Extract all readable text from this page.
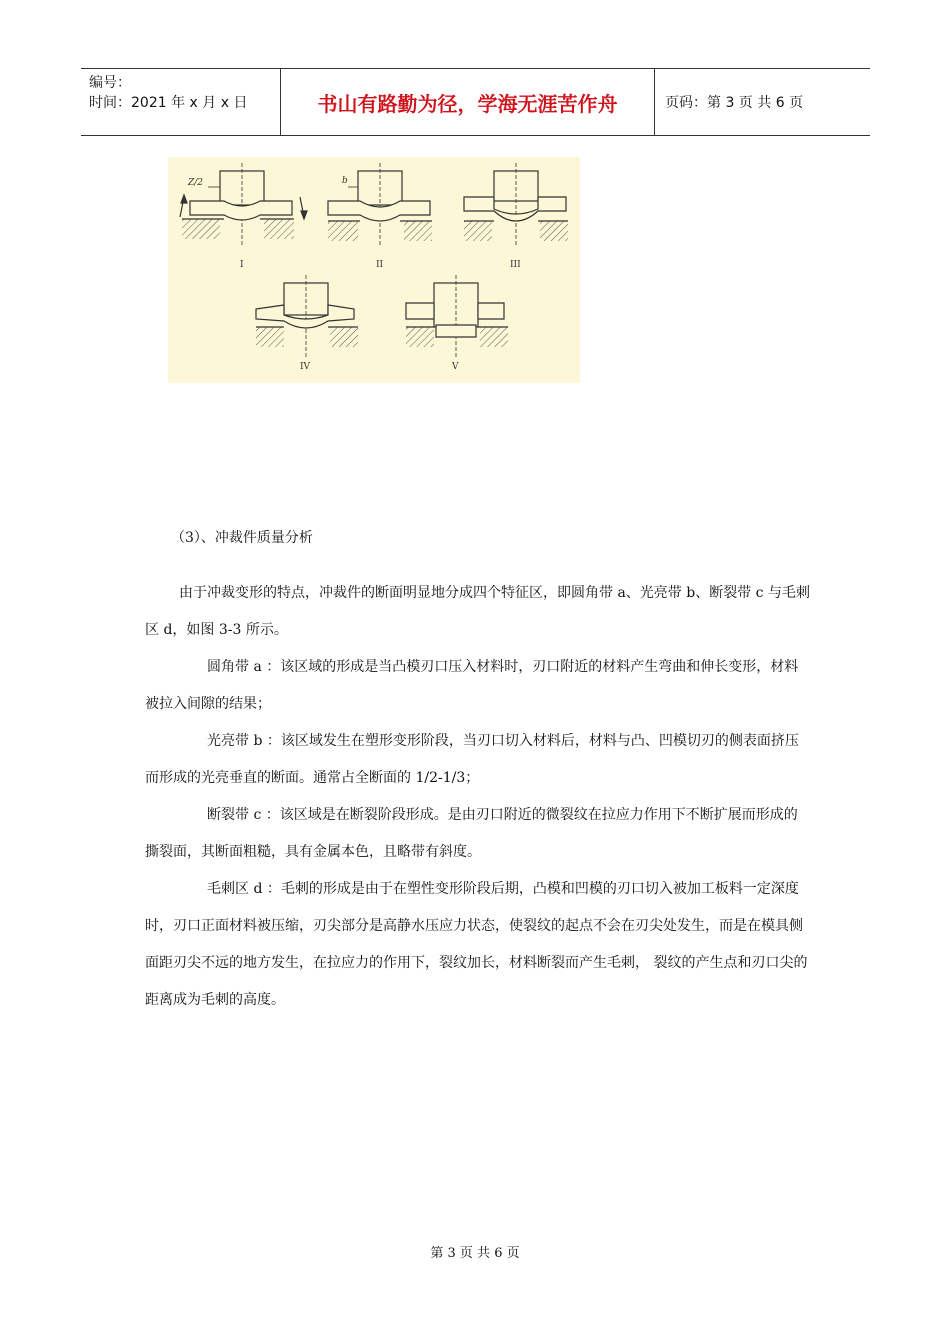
编号：
时间：2021 年 x 月 x 日	书山有路勤为径，学海无涯苦作舟	页码：第 3 页 共 6 页
Z/2
I
b
II	III
IV	V
（3）、冲裁件质量分析

由于冲裁变形的特点，冲裁件的断面明显地分成四个特征区，即圆角带 a、光亮带 b、断裂带 c 与毛刺区 d，如图 3-3 所示。

圆角带 a ：该区域的形成是当凸模刃口压入材料时，刃口附近的材料产生弯曲和伸长变形，材料被拉入间隙的结果；

光亮带 b ：该区域发生在塑形变形阶段，当刃口切入材料后，材料与凸、凹模切刃的侧表面挤压而形成的光亮垂直的断面。通常占全断面的 1/2-1/3；

断裂带 c ：该区域是在断裂阶段形成。是由刃口附近的微裂纹在拉应力作用下不断扩展而形成的撕裂面，其断面粗糙，具有金属本色，且略带有斜度。

毛刺区 d ：毛刺的形成是由于在塑性变形阶段后期，凸模和凹模的刃口切入被加工板料一定深度时，刃口正面材料被压缩，刃尖部分是高静水压应力状态，使裂纹的起点不会在刃尖处发生，而是在模具侧面距刃尖不远的地方发生，在拉应力的作用下，裂纹加长，材料断裂而产生毛刺， 裂纹的产生点和刃口尖的距离成为毛刺的高度。

第 3 页 共 6 页
